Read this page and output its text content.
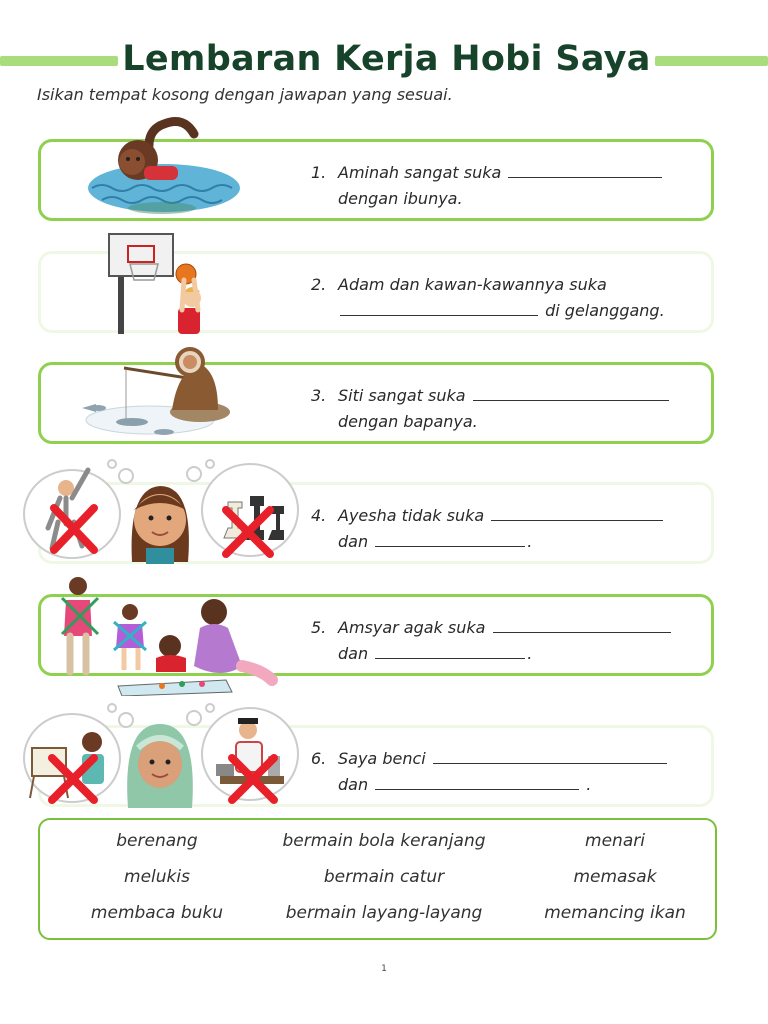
Lembaran Kerja Hobi Saya
Isikan tempat kosong dengan jawapan yang sesuai.
1. Aminah sangat suka
dengan ibunya.
2. Adam dan kawan-kawannya suka
di gelanggang.
3. Siti sangat suka
dengan bapanya.
4. Ayesha tidak suka
dan	.
5. Amsyar agak suka
dan	.
6. Saya benci
dan	.
berenang	bermain bola keranjang	menari
melukis	bermain catur	memasak
membaca buku	bermain layang-layang	memancing ikan
1
